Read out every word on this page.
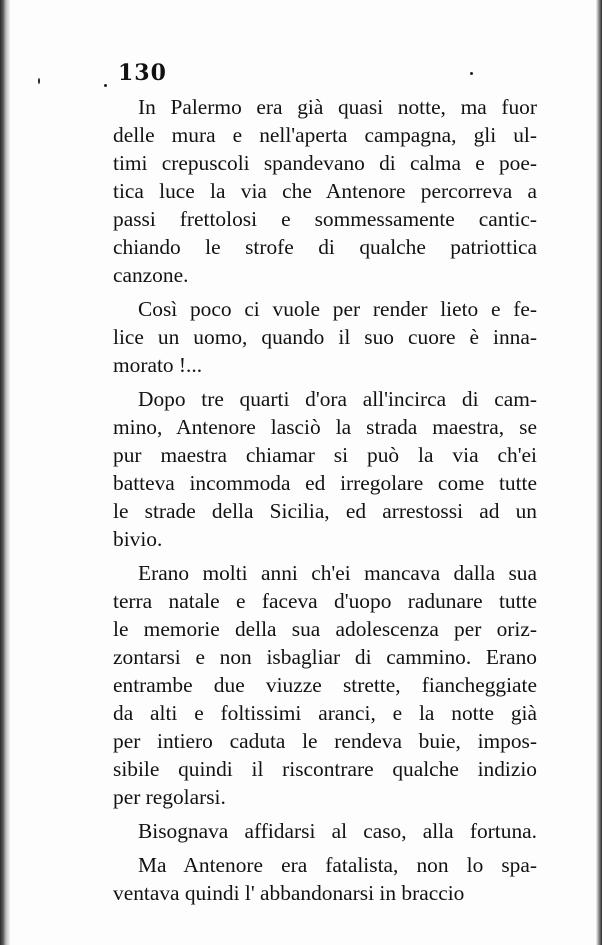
130
In Palermo era già quasi notte, ma fuor
delle mura e nell'aperta campagna, gli ul-
timi crepuscoli spandevano di calma e poe-
tica luce la via che Antenore percorreva a
passi frettolosi e sommessamente cantic-
chiando le strofe di qualche patriottica
canzone.
Così poco ci vuole per render lieto e fe-
lice un uomo, quando il suo cuore è inna-
morato !...
Dopo tre quarti d'ora all'incirca di cam-
mino, Antenore lasciò la strada maestra, se
pur maestra chiamar si può la via ch'ei
batteva incommoda ed irregolare come tutte
le strade della Sicilia, ed arrestossi ad un
bivio.
Erano molti anni ch'ei mancava dalla sua
terra natale e faceva d'uopo radunare tutte
le memorie della sua adolescenza per oriz-
zontarsi e non isbagliar di cammino. Erano
entrambe due viuzze strette, fiancheggiate
da alti e foltissimi aranci, e la notte già
per intiero caduta le rendeva buie, impos-
sibile quindi il riscontrare qualche indizio
per regolarsi.
Bisognava affidarsi al caso, alla fortuna.
Ma Antenore era fatalista, non lo spa-
ventava quindi l' abbandonarsi in braccio
